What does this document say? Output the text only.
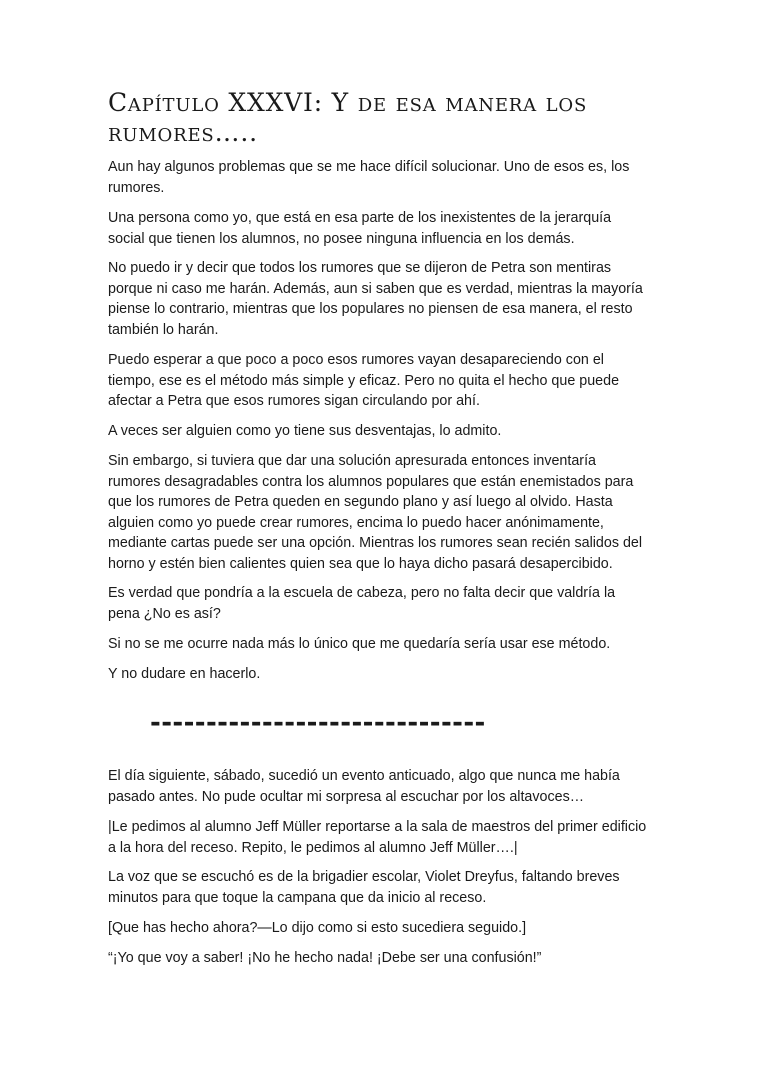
Capítulo XXXVI: Y de esa manera los rumores…..

Aun hay algunos problemas que se me hace difícil solucionar. Uno de esos es, los rumores.

Una persona como yo, que está en esa parte de los inexistentes de la jerarquía social que tienen los alumnos, no posee ninguna influencia en los demás.

No puedo ir y decir que todos los rumores que se dijeron de Petra son mentiras porque ni caso me harán. Además, aun si saben que es verdad, mientras la mayoría piense lo contrario, mientras que los populares no piensen de esa manera, el resto también lo harán.

Puedo esperar a que poco a poco esos rumores vayan desapareciendo con el tiempo, ese es el método más simple y eficaz. Pero no quita el hecho que puede afectar a Petra que esos rumores sigan circulando por ahí.

A veces ser alguien como yo tiene sus desventajas, lo admito.

Sin embargo, si tuviera que dar una solución apresurada entonces inventaría rumores desagradables contra los alumnos populares que están enemistados para que los rumores de Petra queden en segundo plano y así luego al olvido. Hasta alguien como yo puede crear rumores, encima lo puedo hacer anónimamente, mediante cartas puede ser una opción. Mientras los rumores sean recién salidos del horno y estén bien calientes quien sea que lo haya dicho pasará desapercibido.

Es verdad que pondría a la escuela de cabeza, pero no falta decir que valdría la pena ¿No es así?

Si no se me ocurre nada más lo único que me quedaría sería usar ese método.

Y no dudare en hacerlo.

------------------------------

El día siguiente, sábado, sucedió un evento anticuado, algo que nunca me había pasado antes. No pude ocultar mi sorpresa al escuchar por los altavoces…

|Le pedimos al alumno Jeff Müller reportarse a la sala de maestros del primer edificio a la hora del receso. Repito, le pedimos al alumno Jeff Müller….|

La voz que se escuchó es de la brigadier escolar, Violet Dreyfus, faltando breves minutos para que toque la campana que da inicio al receso.

[Que has hecho ahora?—Lo dijo como si esto sucediera seguido.]

“¡Yo que voy a saber! ¡No he hecho nada! ¡Debe ser una confusión!”
